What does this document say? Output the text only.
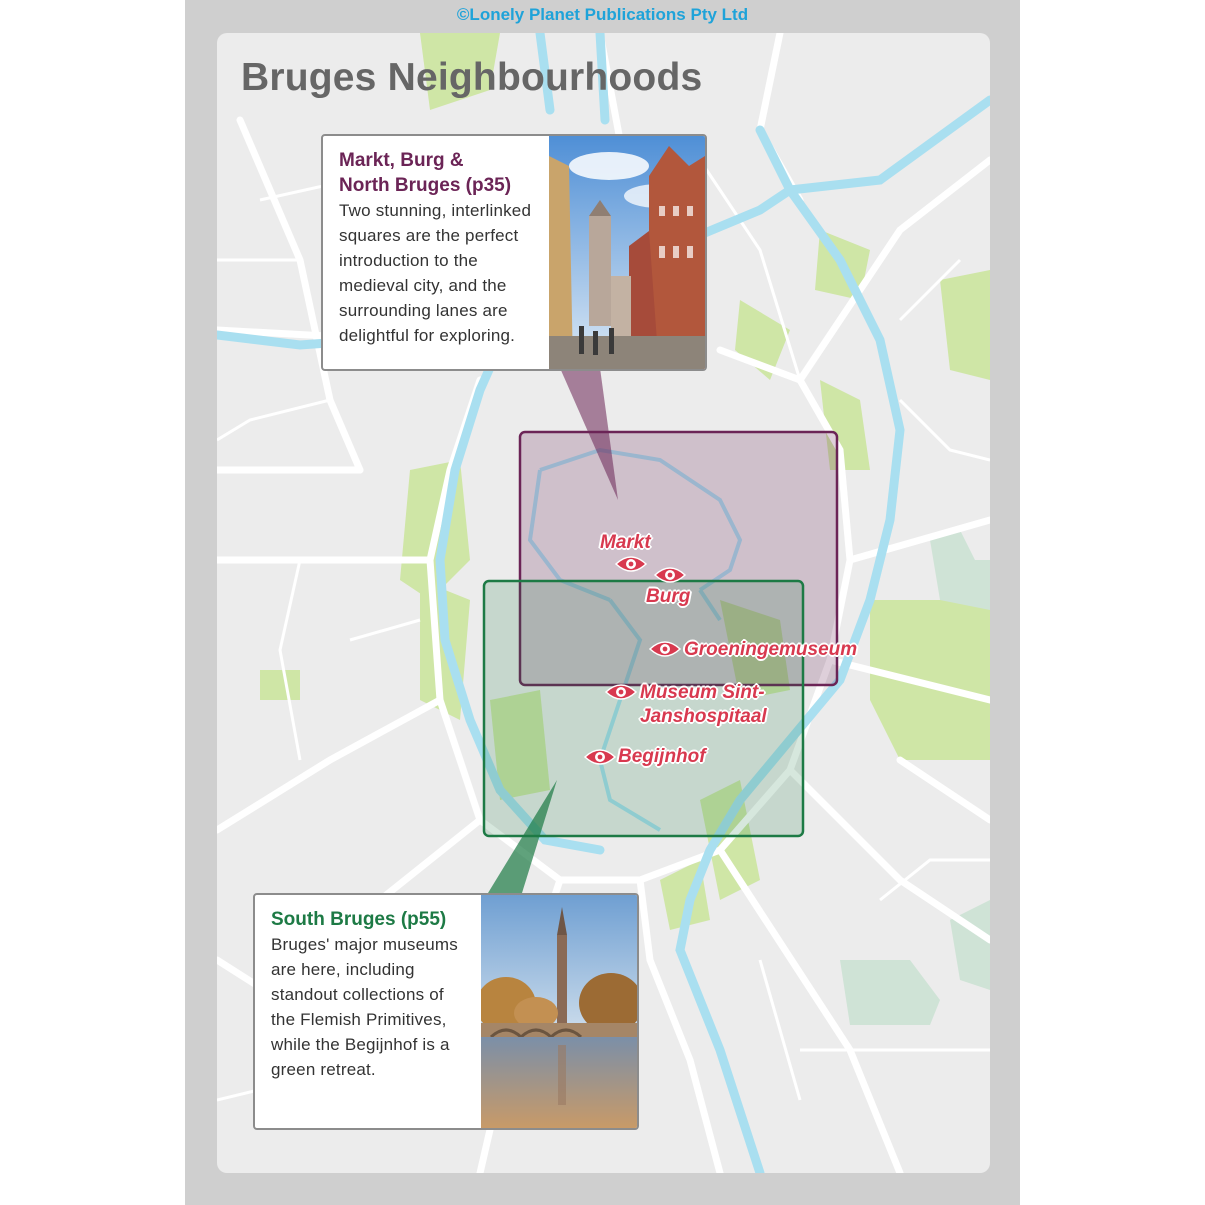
©Lonely Planet Publications Pty Ltd
Bruges Neighbourhoods
Markt
Burg
Groeningemuseum
Museum Sint-
Janshospitaal
Begijnhof
Markt, Burg &
North Bruges (p35)

Two stunning, interlinked

squares are the perfect

introduction to the

medieval city, and the

surrounding lanes are

delightful for exploring.

South Bruges (p55)

Bruges' major museums

are here, including

standout collections of

the Flemish Primitives,

while the Begijnhof is a

green retreat.
